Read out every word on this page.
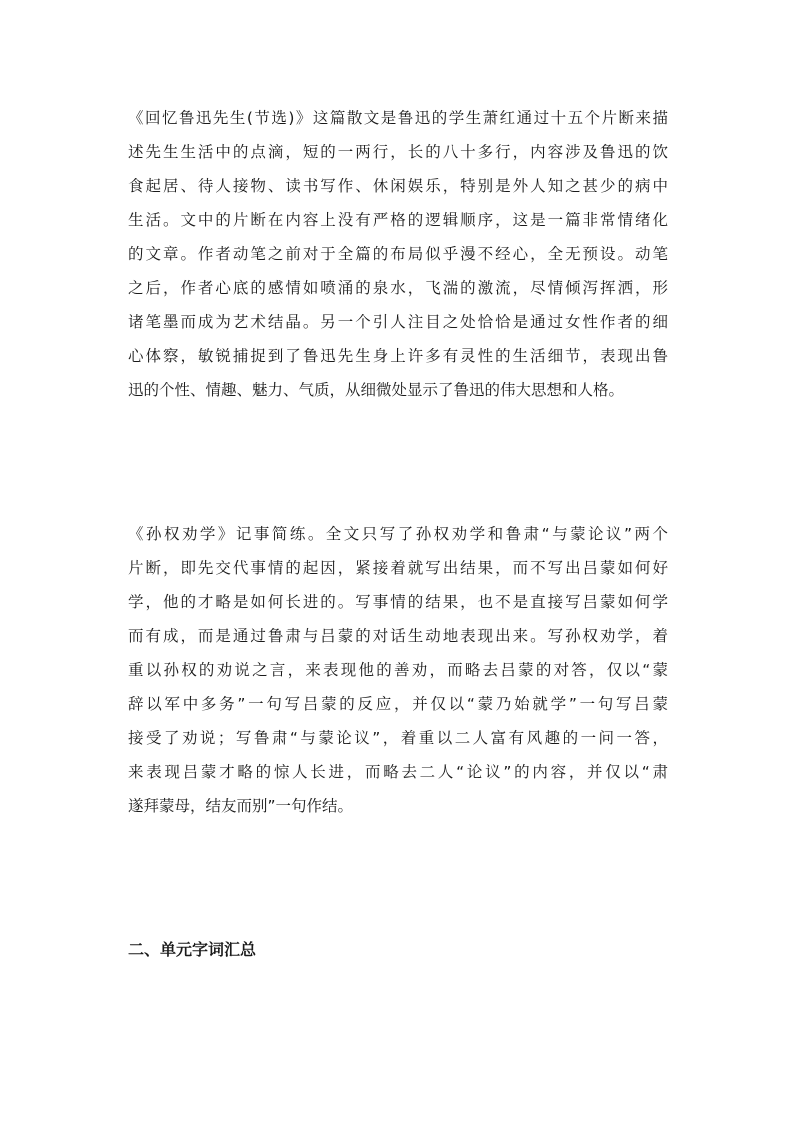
《回忆鲁迅先生(节选)》这篇散文是鲁迅的学生萧红通过十五个片断来描
述先生生活中的点滴，短的一两行，长的八十多行，内容涉及鲁迅的饮
食起居、待人接物、读书写作、休闲娱乐，特别是外人知之甚少的病中
生活。文中的片断在内容上没有严格的逻辑顺序，这是一篇非常情绪化
的文章。作者动笔之前对于全篇的布局似乎漫不经心，全无预设。动笔
之后，作者心底的感情如喷涌的泉水，飞湍的激流，尽情倾泻挥洒，形
诸笔墨而成为艺术结晶。另一个引人注目之处恰恰是通过女性作者的细
心体察，敏锐捕捉到了鲁迅先生身上许多有灵性的生活细节，表现出鲁
迅的个性、情趣、魅力、气质，从细微处显示了鲁迅的伟大思想和人格。
《孙权劝学》记事简练。全文只写了孙权劝学和鲁肃“与蒙论议”两个
片断，即先交代事情的起因，紧接着就写出结果，而不写出吕蒙如何好
学，他的才略是如何长进的。写事情的结果，也不是直接写吕蒙如何学
而有成，而是通过鲁肃与吕蒙的对话生动地表现出来。写孙权劝学，着
重以孙权的劝说之言，来表现他的善劝，而略去吕蒙的对答，仅以“蒙
辞以军中多务”一句写吕蒙的反应，并仅以“蒙乃始就学”一句写吕蒙
接受了劝说；写鲁肃“与蒙论议”，着重以二人富有风趣的一问一答，
来表现吕蒙才略的惊人长进，而略去二人“论议”的内容，并仅以“肃
遂拜蒙母，结友而别”一句作结。
二、单元字词汇总
